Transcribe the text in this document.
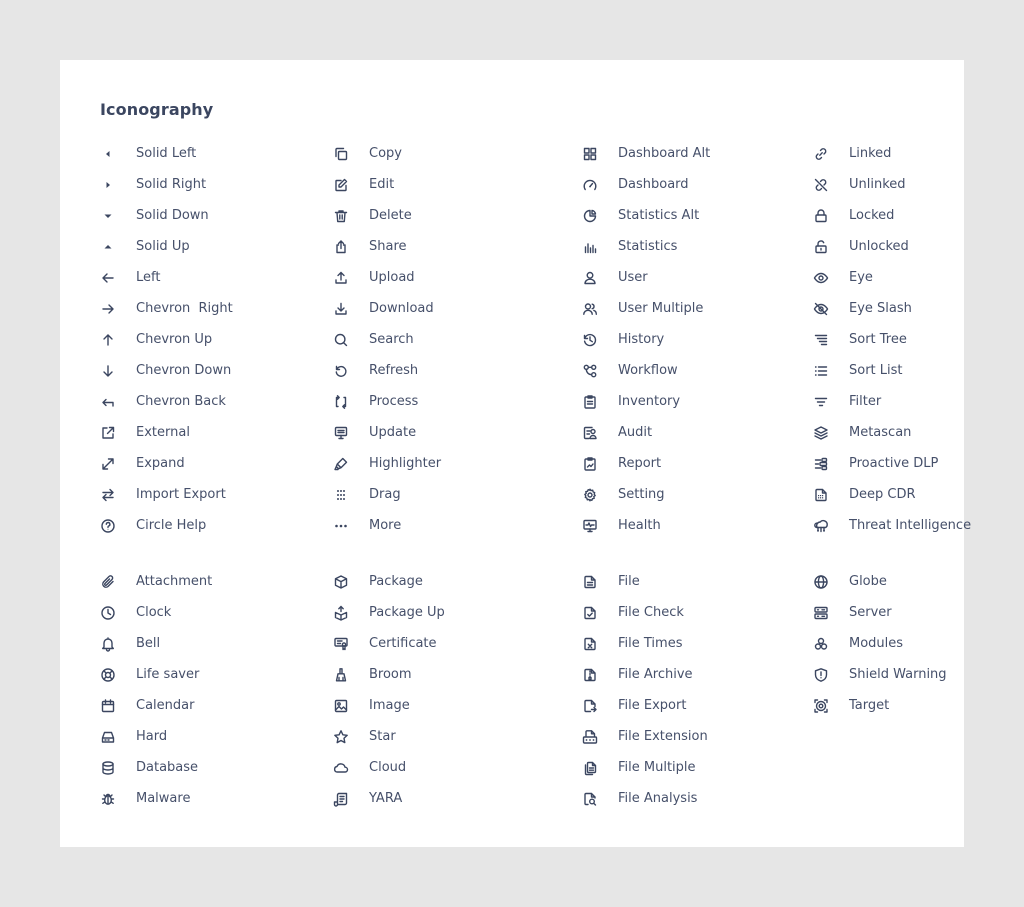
Iconography
Solid Left
Solid Right
Solid Down
Solid Up
Left
Chevron  Right
Chevron Up
Chevron Down
Chevron Back
External
Expand
Import Export
Circle Help
Copy
Edit
Delete
Share
Upload
Download
Search
Refresh
Process
Update
Highlighter
Drag
More
Dashboard Alt
Dashboard
Statistics Alt
Statistics
User
User Multiple
History
Workflow
Inventory
Audit
Report
Setting
Health
Linked
Unlinked
Locked
Unlocked
Eye
Eye Slash
Sort Tree
Sort List
Filter
Metascan
Proactive DLP
Deep CDR
Threat Intelligence
Attachment
Clock
Bell
Life saver
Calendar
Hard
Database
Malware
Package
Package Up
Certificate
Broom
Image
Star
Cloud
YARA
File
File Check
File Times
File Archive
File Export
File Extension
File Multiple
File Analysis
Globe
Server
Modules
Shield Warning
Target
